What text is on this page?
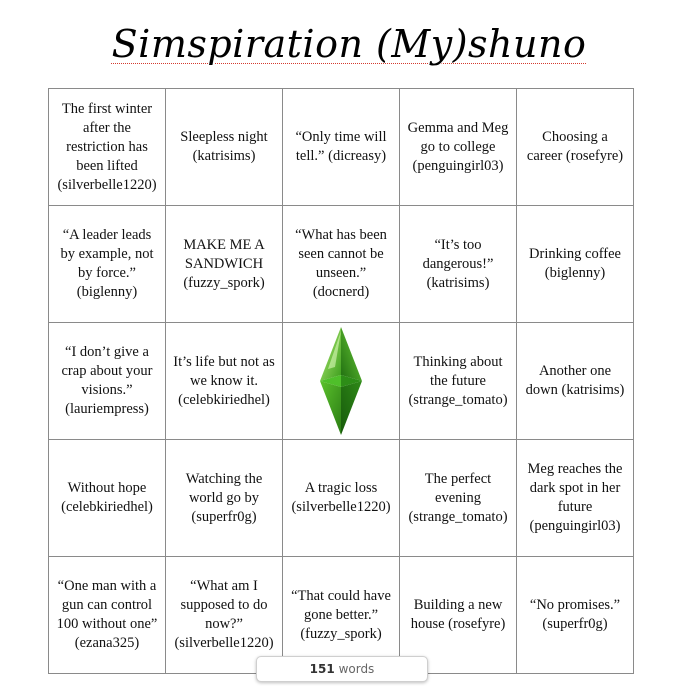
Simspiration (My)shuno
The first winter after the restriction has been lifted (silverbelle1220)
Sleepless night (katrisims)
“Only time will tell.” (dicreasy)
Gemma and Meg go to college (penguingirl03)
Choosing a career (rosefyre)
“A leader leads by example, not by force.” (biglenny)
MAKE ME A SANDWICH (fuzzy_spork)
“What has been seen cannot be unseen.” (docnerd)
“It’s too dangerous!” (katrisims)
Drinking coffee (biglenny)
“I don’t give a crap about your visions.” (lauriempress)
It’s life but not as we know it. (celebkiriedhel)
Thinking about the future (strange_tomato)
Another one down (katrisims)
Without hope (celebkiriedhel)
Watching the world go by (superfr0g)
A tragic loss (silverbelle1220)
The perfect evening (strange_tomato)
Meg reaches the dark spot in her future (penguingirl03)
“One man with a gun can control 100 without one” (ezana325)
“What am I supposed to do now?” (silverbelle1220)
“That could have gone better.” (fuzzy_spork)
Building a new house (rosefyre)
“No promises.” (superfr0g)
151 words
